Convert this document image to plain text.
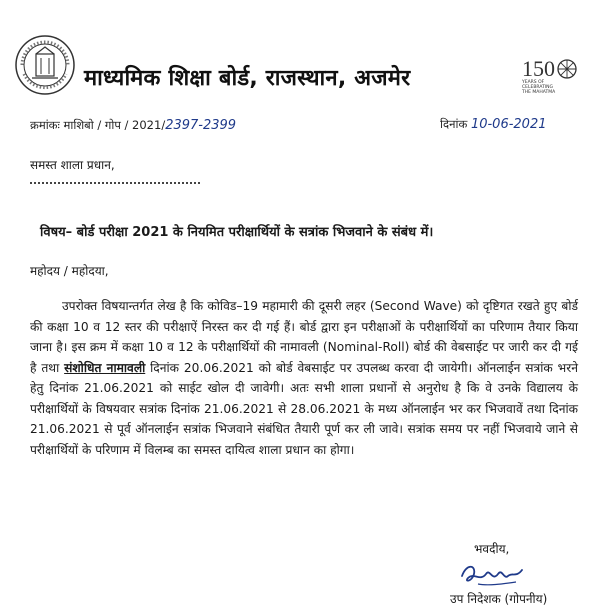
माध्यमिक शिक्षा बोर्ड, राजस्थान, अजमेर	150
YEARS OF CELEBRATING THE MAHATMA
क्रमांकः माशिबो / गोप / 2021/2397-2399	दिनांक 10-06-2021
समस्त शाला प्रधान,
विषय– बोर्ड परीक्षा 2021 के नियमित परीक्षार्थियों के सत्रांक भिजवाने के संबंध में।
महोदय / महोदया,
उपरोक्त विषयान्तर्गत लेख है कि कोविड–19 महामारी की दूसरी लहर (Second Wave) को दृष्टिगत रखते हुए बोर्ड की कक्षा 10 व 12 स्तर की परीक्षाऐं निरस्त कर दी गई हैं। बोर्ड द्वारा इन परीक्षाओं के परीक्षार्थियों का परिणाम तैयार किया जाना है। इस क्रम में कक्षा 10 व 12 के परीक्षार्थियों की नामावली (Nominal-Roll) बोर्ड की वेबसाईट पर जारी कर दी गई है तथा संशोधित नामावली दिनांक 20.06.2021 को बोर्ड वेबसाईट पर उपलब्ध करवा दी जायेगी। ऑनलाईन सत्रांक भरने हेतु दिनांक 21.06.2021 को साईट खोल दी जावेगी। अतः सभी शाला प्रधानों से अनुरोध है कि वे उनके विद्यालय के परीक्षार्थियों के विषयवार सत्रांक दिनांक 21.06.2021 से 28.06.2021 के मध्य ऑनलाईन भर कर भिजवावें तथा दिनांक 21.06.2021 से पूर्व ऑनलाईन सत्रांक भिजवाने संबंधित तैयारी पूर्ण कर ली जावे। सत्रांक समय पर नहीं भिजवाये जाने से परीक्षार्थियों के परिणाम में विलम्ब का समस्त दायित्व शाला प्रधान का होगा।
भवदीय,
उप निदेशक (गोपनीय)
